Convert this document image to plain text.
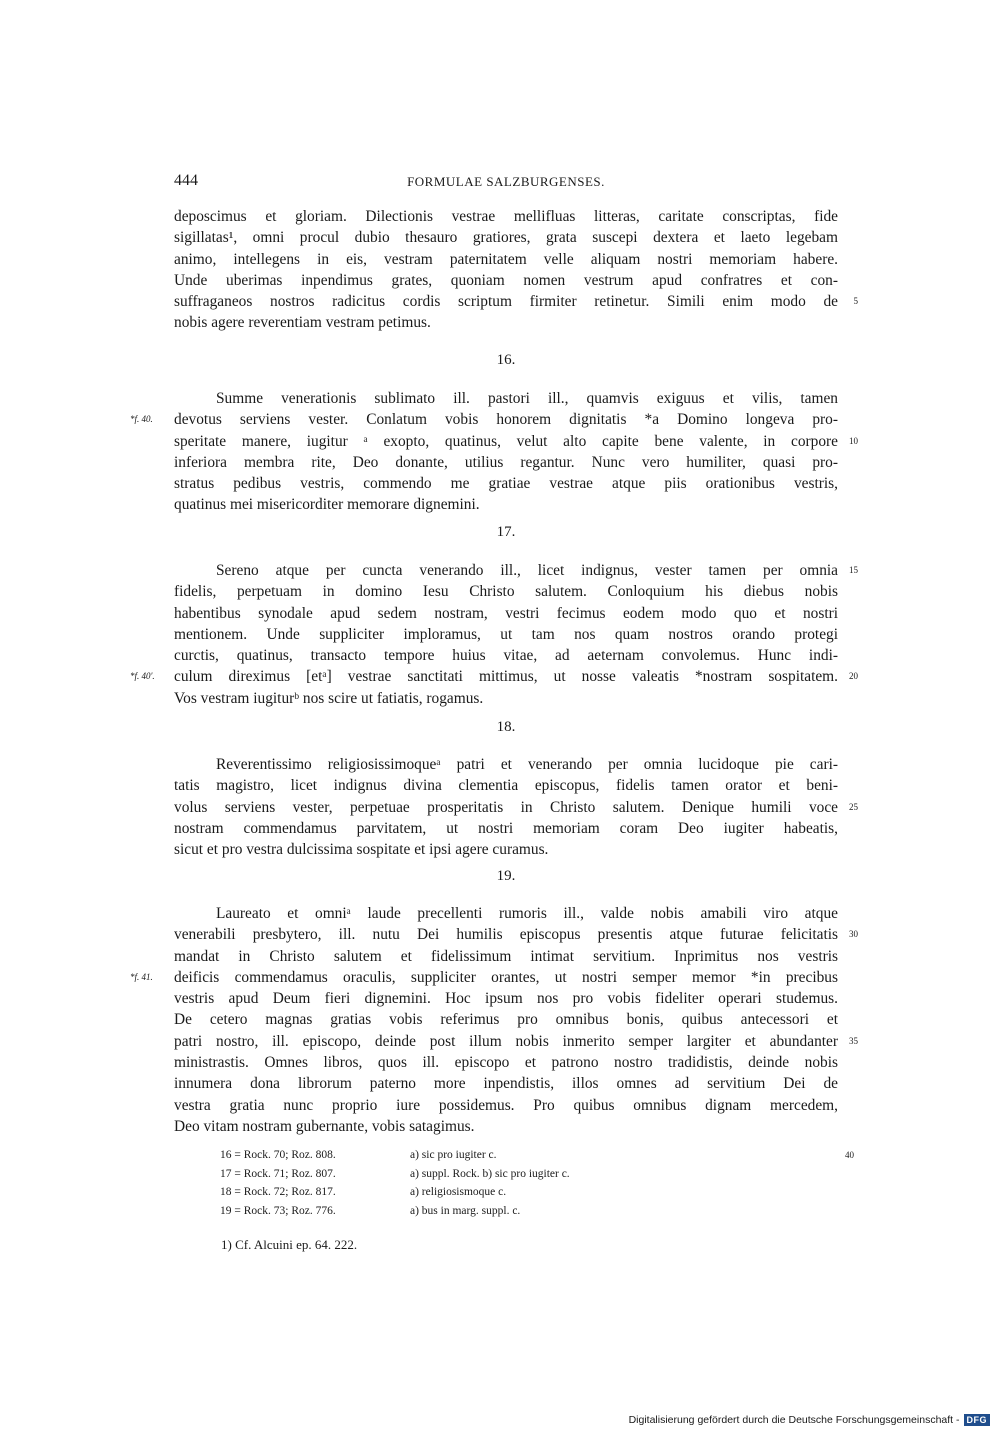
444	FORMULAE SALZBURGENSES.
deposcimus et gloriam. Dilectionis vestrae mellifluas litteras, caritate conscriptas, fide
sigillatas¹, omni procul dubio thesauro gratiores, grata suscepi dextera et laeto legebam
animo, intellegens in eis, vestram paternitatem velle aliquam nostri memoriam habere.
Unde uberimas inpendimus grates, quoniam nomen vestrum apud confratres et con-
suffraganeos nostros radicitus cordis scriptum firmiter retinetur. Simili enim modo de 5
nobis agere reverentiam vestram petimus.
16.
Summe venerationis sublimato ill. pastori ill., quamvis exiguus et vilis, tamen
devotus serviens vester. Conlatum vobis honorem dignitatis *a Domino longeva pro-
*f. 40.
speritate manere, iugitur ᵃ exopto, quatinus, velut alto capite bene valente, in corpore 10
inferiora membra rite, Deo donante, utilius regantur. Nunc vero humiliter, quasi pro-
stratus pedibus vestris, commendo me gratiae vestrae atque piis orationibus vestris,
quatinus mei misericorditer memorare dignemini.
17.
Sereno atque per cuncta venerando ill., licet indignus, vester tamen per omnia 15
fidelis, perpetuam in domino Iesu Christo salutem. Conloquium his diebus nobis
habentibus synodale apud sedem nostram, vestri fecimus eodem modo quo et nostri
mentionem. Unde suppliciter imploramus, ut tam nos quam nostros orando protegi
curctis, quatinus, transacto tempore huius vitae, ad aeternam convolemus. Hunc indi-
culum direximus [etᵃ] vestrae sanctitati mittimus, ut nosse valeatis *nostram sospitatem.
*f. 40'.	20
Vos vestram iugiturᵇ nos scire ut fatiatis, rogamus.
18.
Reverentissimo religiosissimoqueᵃ patri et venerando per omnia lucidoque pie cari-
tatis magistro, licet indignus divina clementia episcopus, fidelis tamen orator et beni-
volus serviens vester, perpetuae prosperitatis in Christo salutem. Denique humili voce 25
nostram commendamus parvitatem, ut nostri memoriam coram Deo iugiter habeatis,
sicut et pro vestra dulcissima sospitate et ipsi agere curamus.
19.
Laureato et omniᵃ laude precellenti rumoris ill., valde nobis amabili viro atque
venerabili presbytero, ill. nutu Dei humilis episcopus presentis atque futurae felicitatis 30
mandat in Christo salutem et fidelissimum intimat servitium. Inprimitus nos vestris
deificis commendamus oraculis, suppliciter orantes, ut nostri semper memor *in precibus
*f. 41.
vestris apud Deum fieri dignemini. Hoc ipsum nos pro vobis fideliter operari studemus.
De cetero magnas gratias vobis referimus pro omnibus bonis, quibus antecessori et
patri nostro, ill. episcopo, deinde post illum nobis inmerito semper largiter et abundanter 35
ministrastis. Omnes libros, quos ill. episcopo et patrono nostro tradidistis, deinde nobis
innumera dona librorum paterno more inpendistis, illos omnes ad servitium Dei de
vestra gratia nunc proprio iure possidemus. Pro quibus omnibus dignam mercedem,
Deo vitam nostram gubernante, vobis satagimus.
16 = Rock. 70; Roz. 808.	a) sic pro iugiter c.	40
17 = Rock. 71; Roz. 807.	a) suppl. Rock. b) sic pro iugiter c.
18 = Rock. 72; Roz. 817.	a) religiosismoque c.
19 = Rock. 73; Roz. 776.	a) bus in marg. suppl. c.
1) Cf. Alcuini ep. 64. 222.
Digitalisierung gefördert durch die Deutsche Forschungsgemeinschaft - DFG
